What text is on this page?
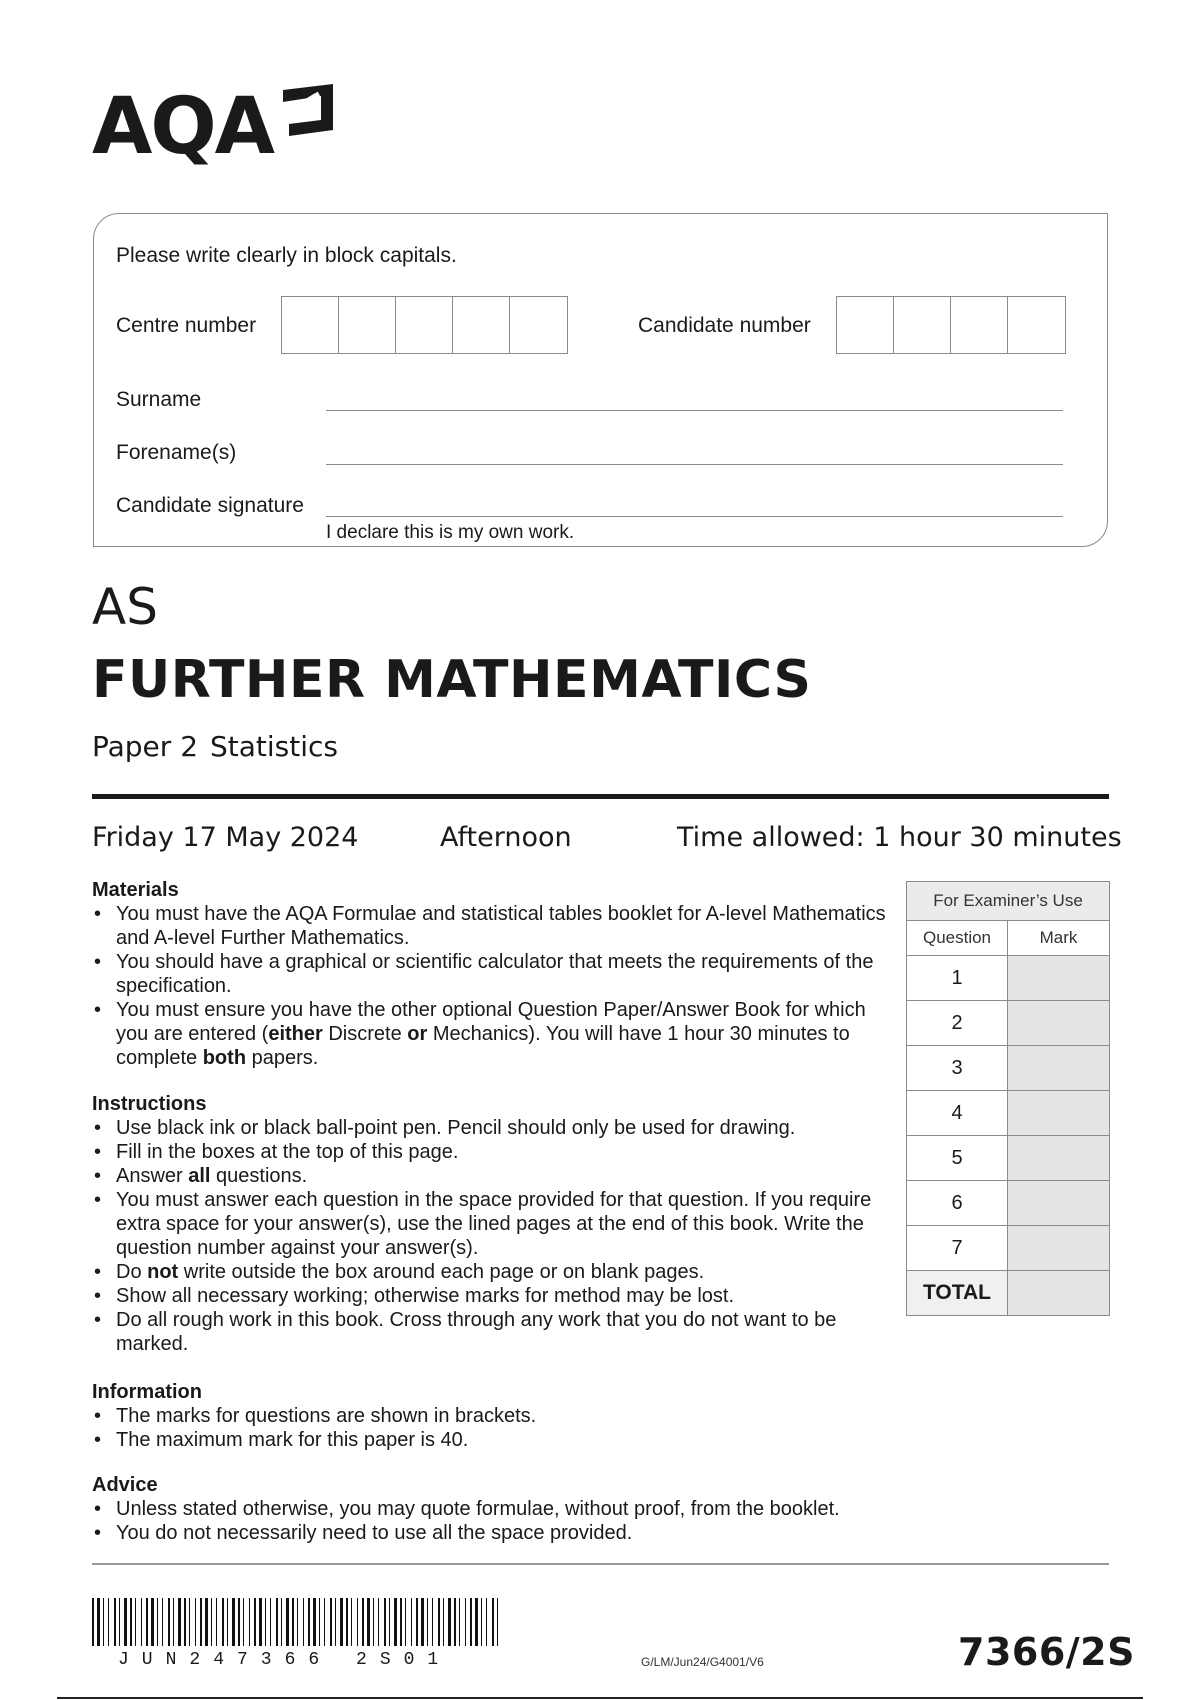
AQA
Please write clearly in block capitals.
Centre number	Candidate number
Surname
Forename(s)
Candidate signature
I declare this is my own work.
AS
FURTHER MATHEMATICS
Paper 2 Statistics
Friday 17 May 2024	Afternoon	Time allowed: 1 hour 30 minutes
Materials
• You must have the AQA Formulae and statistical tables booklet for A-level Mathematics and A-level Further Mathematics.
• You should have a graphical or scientific calculator that meets the requirements of the specification.
• You must ensure you have the other optional Question Paper/Answer Book for which you are entered (either Discrete or Mechanics). You will have 1 hour 30 minutes to complete both papers.
Instructions
• Use black ink or black ball-point pen. Pencil should only be used for drawing.
• Fill in the boxes at the top of this page.
• Answer all questions.
• You must answer each question in the space provided for that question. If you require extra space for your answer(s), use the lined pages at the end of this book. Write the question number against your answer(s).
• Do not write outside the box around each page or on blank pages.
• Show all necessary working; otherwise marks for method may be lost.
• Do all rough work in this book. Cross through any work that you do not want to be marked.
Information
• The marks for questions are shown in brackets.
• The maximum mark for this paper is 40.
Advice
• Unless stated otherwise, you may quote formulae, without proof, from the booklet.
• You do not necessarily need to use all the space provided.
For Examiner’s Use	
Question	Mark
1	
2	
3	
4	
5	
6	
7	
TOTAL	
JUN247366 2S01	G/LM/Jun24/G4001/V6	7366/2S
